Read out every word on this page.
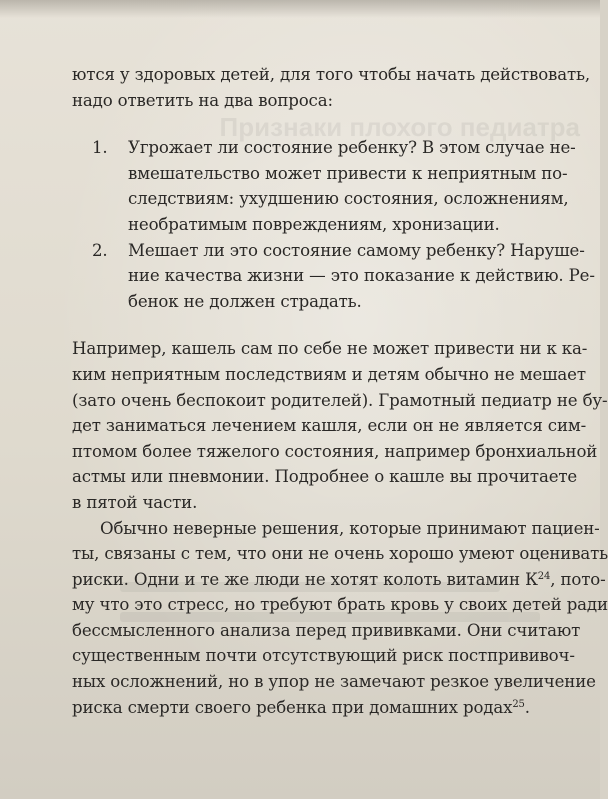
Признаки плохого педиатра
ются у здоровых детей, для того чтобы начать действовать,
надо ответить на два вопроса:
1.	Угрожает ли состояние ребенку? В этом случае не-
вмешательство может привести к неприятным по-
следствиям: ухудшению состояния, осложнениям,
необратимым повреждениям, хронизации.
2.	Мешает ли это состояние самому ребенку? Наруше-
ние качества жизни — это показание к действию. Ре-
бенок не должен страдать.
Например, кашель сам по себе не может привести ни к ка-
ким неприятным последствиям и детям обычно не мешает
(зато очень беспокоит родителей). Грамотный педиатр не бу-
дет заниматься лечением кашля, если он не является сим-
птомом более тяжелого состояния, например бронхиальной
астмы или пневмонии. Подробнее о кашле вы прочитаете
в пятой части.
Обычно неверные решения, которые принимают пациен-
ты, связаны с тем, что они не очень хорошо умеют оценивать
риски. Одни и те же люди не хотят колоть витамин $К^{24}$, пото-
му что это стресс, но требуют брать кровь у своих детей ради
бессмысленного анализа перед прививками. Они считают
существенным почти отсутствующий риск постпрививоч-
ных осложнений, но в упор не замечают резкое увеличение
риска смерти своего ребенка при домашних родах$^{25}$.
